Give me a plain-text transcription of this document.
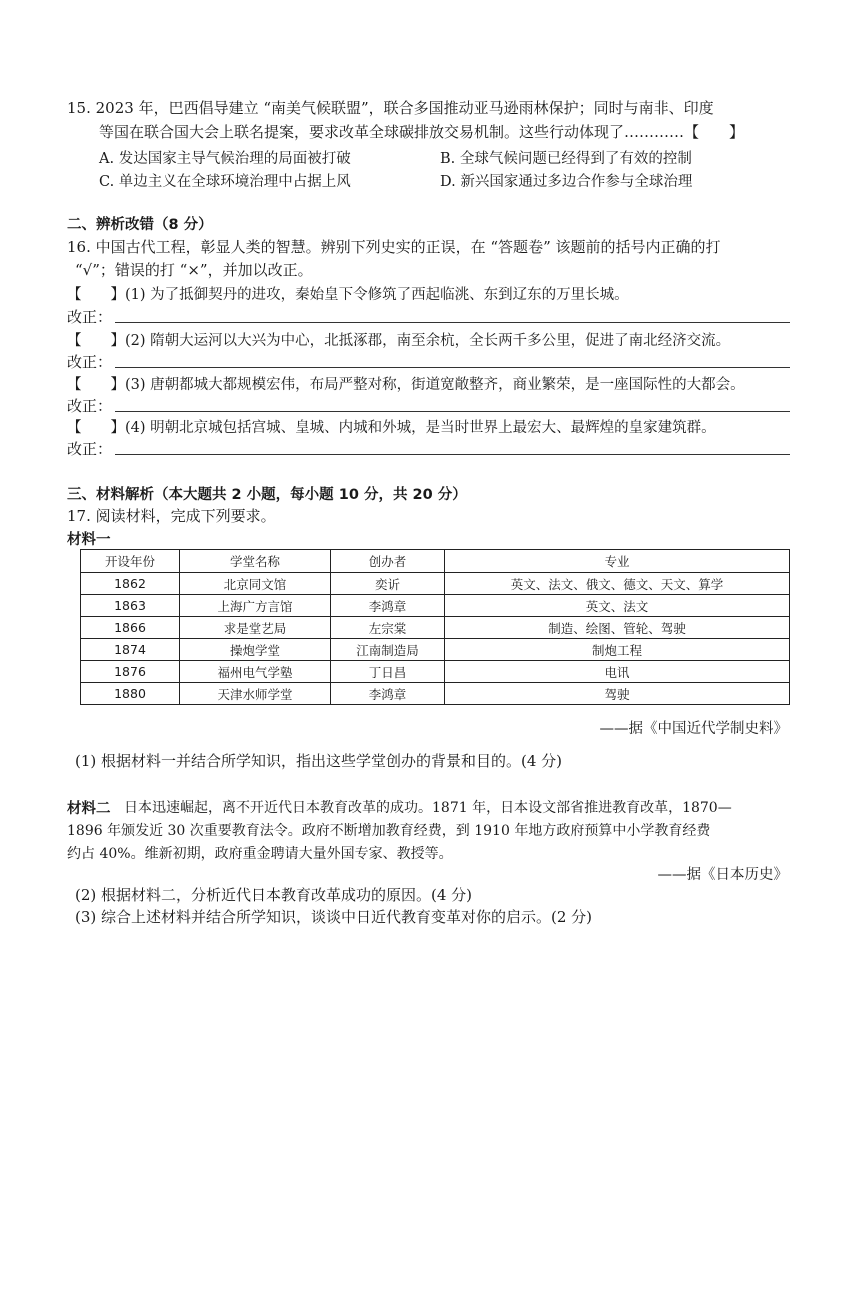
15. 2023 年，巴西倡导建立 “南美气候联盟”，联合多国推动亚马逊雨林保护；同时与南非、印度
等国在联合国大会上联名提案，要求改革全球碳排放交易机制。这些行动体现了…………【　　】
A. 发达国家主导气候治理的局面被打破	B. 全球气候问题已经得到了有效的控制
C. 单边主义在全球环境治理中占据上风	D. 新兴国家通过多边合作参与全球治理
二、辨析改错（8 分）
16. 中国古代工程，彰显人类的智慧。辨别下列史实的正误，在 “答题卷” 该题前的括号内正确的打
“√”；错误的打 “×”，并加以改正。
【　　】(1) 为了抵御契丹的进攻，秦始皇下令修筑了西起临洮、东到辽东的万里长城。
改正：
【　　】(2) 隋朝大运河以大兴为中心，北抵涿郡，南至余杭，全长两千多公里，促进了南北经济交流。
改正：
【　　】(3) 唐朝都城大都规模宏伟，布局严整对称，街道宽敞整齐，商业繁荣，是一座国际性的大都会。
改正：
【　　】(4) 明朝北京城包括宫城、皇城、内城和外城，是当时世界上最宏大、最辉煌的皇家建筑群。
改正：
三、材料解析（本大题共 2 小题，每小题 10 分，共 20 分）
17. 阅读材料，完成下列要求。
材料一
开设年份	学堂名称	创办者	专业
1862	北京同文馆	奕䜣	英文、法文、俄文、德文、天文、算学
1863	上海广方言馆	李鸿章	英文、法文
1866	求是堂艺局	左宗棠	制造、绘图、管轮、驾驶
1874	操炮学堂	江南制造局	制炮工程
1876	福州电气学塾	丁日昌	电讯
1880	天津水师学堂	李鸿章	驾驶
——据《中国近代学制史料》
(1) 根据材料一并结合所学知识，指出这些学堂创办的背景和目的。(4 分)
材料二 日本迅速崛起，离不开近代日本教育改革的成功。1871 年，日本设文部省推进教育改革，1870—
1896 年颁发近 30 次重要教育法令。政府不断增加教育经费，到 1910 年地方政府预算中小学教育经费
约占 40%。维新初期，政府重金聘请大量外国专家、教授等。
——据《日本历史》
(2) 根据材料二，分析近代日本教育改革成功的原因。(4 分)
(3) 综合上述材料并结合所学知识，谈谈中日近代教育变革对你的启示。(2 分)
